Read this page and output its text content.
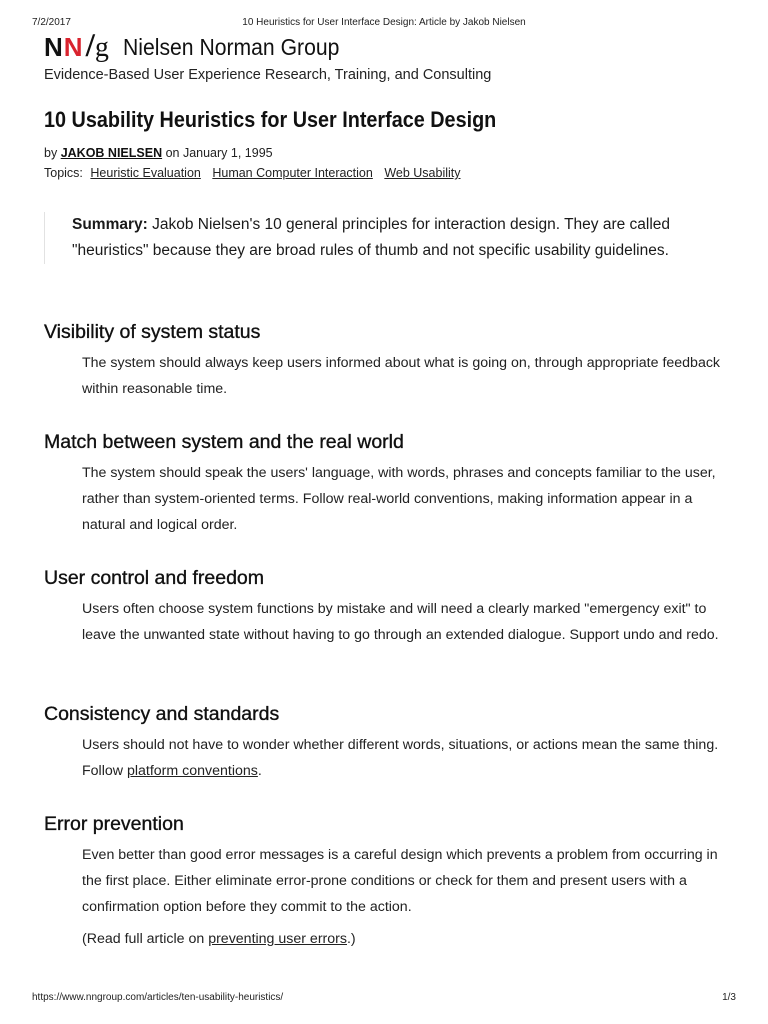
7/2/2017	10 Heuristics for User Interface Design: Article by Jakob Nielsen
N N / g Nielsen Norman Group
Evidence-Based User Experience Research, Training, and Consulting
10 Usability Heuristics for User Interface Design
by JAKOB NIELSEN on January 1, 1995
Topics: Heuristic Evaluation Human Computer Interaction Web Usability
Summary: Jakob Nielsen's 10 general principles for interaction design. They are called "heuristics" because they are broad rules of thumb and not specific usability guidelines.
Visibility of system status

The system should always keep users informed about what is going on, through appropriate feedback within reasonable time.

Match between system and the real world

The system should speak the users' language, with words, phrases and concepts familiar to the user, rather than system-oriented terms. Follow real-world conventions, making information appear in a natural and logical order.

User control and freedom

Users often choose system functions by mistake and will need a clearly marked "emergency exit" to leave the unwanted state without having to go through an extended dialogue. Support undo and redo.

Consistency and standards

Users should not have to wonder whether different words, situations, or actions mean the same thing. Follow platform conventions.

Error prevention

Even better than good error messages is a careful design which prevents a problem from occurring in the first place. Either eliminate error-prone conditions or check for them and present users with a confirmation option before they commit to the action.

(Read full article on preventing user errors.)

https://www.nngroup.com/articles/ten-usability-heuristics/	1/3
